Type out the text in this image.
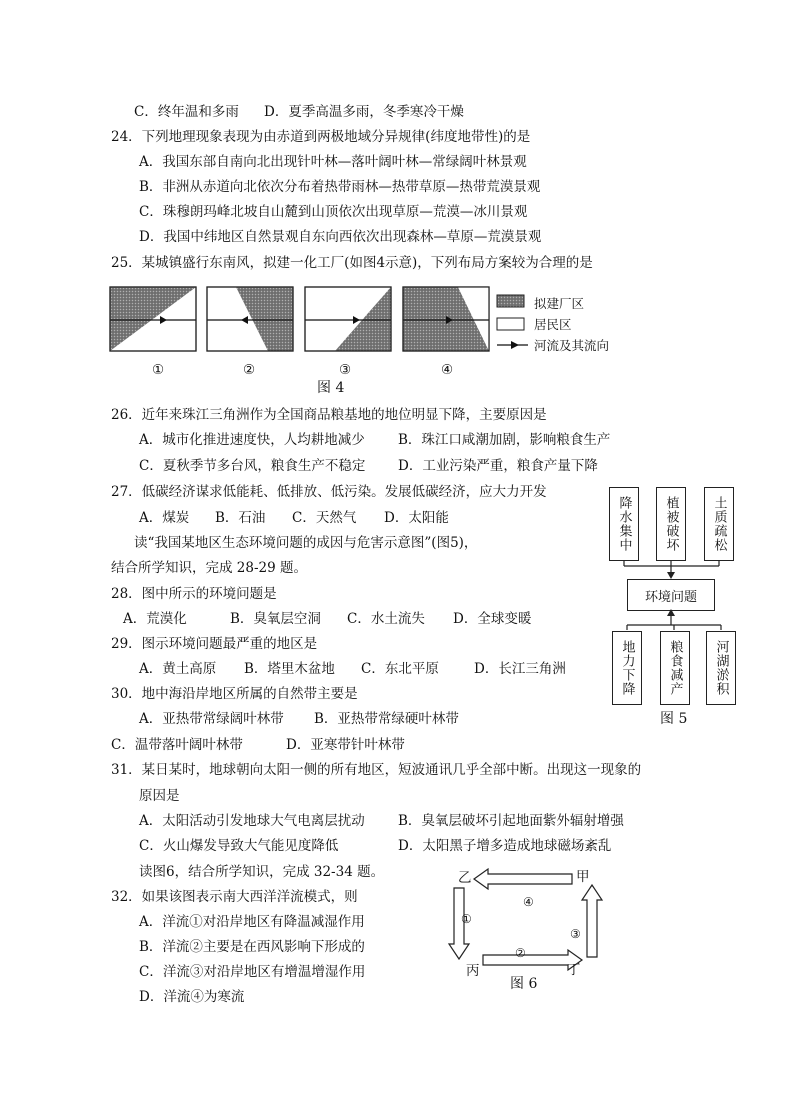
C．终年温和多雨 D．夏季高温多雨，冬季寒冷干燥
24．下列地理现象表现为由赤道到两极地域分异规律(纬度地带性)的是
A．我国东部自南向北出现针叶林—落叶阔叶林—常绿阔叶林景观
B．非洲从赤道向北依次分布着热带雨林—热带草原—热带荒漠景观
C．珠穆朗玛峰北坡自山麓到山顶依次出现草原—荒漠—冰川景观
D．我国中纬地区自然景观自东向西依次出现森林—草原—荒漠景观
25．某城镇盛行东南风，拟建一化工厂(如图4示意)，下列布局方案较为合理的是
拟建厂区
居民区
河流及其流向
①	②	③	④
图 4
26．近年来珠江三角洲作为全国商品粮基地的地位明显下降，主要原因是
A．城市化推进速度快，人均耕地减少 B．珠江口咸潮加剧，影响粮食生产
C．夏秋季节多台风，粮食生产不稳定 D．工业污染严重，粮食产量下降
27．低碳经济谋求低能耗、低排放、低污染。发展低碳经济，应大力开发
A．煤炭 B．石油 C．天然气 D．太阳能
读“我国某地区生态环境问题的成因与危害示意图”(图5)，
结合所学知识，完成 28-29 题。
降水集中	植被破坏	土质疏松
环境问题
地力下降	粮食减产	河湖淤积
图 5
28．图中所示的环境问题是
A．荒漠化	B．臭氧层空洞 C．水土流失 D．全球变暖
29．图示环境问题最严重的地区是
A．黄土高原 B．塔里木盆地 C．东北平原	D．长江三角洲
30．地中海沿岸地区所属的自然带主要是
A．亚热带常绿阔叶林带 B．亚热带常绿硬叶林带
C．温带落叶阔叶林带	D．亚寒带针叶林带
31．某日某时，地球朝向太阳一侧的所有地区，短波通讯几乎全部中断。出现这一现象的
原因是
A．太阳活动引发地球大气电离层扰动 B．臭氧层破坏引起地面紫外辐射增强
C．火山爆发导致大气能见度降低	D．太阳黑子增多造成地球磁场紊乱
读图6，结合所学知识，完成 32-34 题。
32．如果该图表示南大西洋洋流模式，则
A．洋流①对沿岸地区有降温减湿作用
B．洋流②主要是在西风影响下形成的
C．洋流③对沿岸地区有增温增湿作用
D．洋流④为寒流
乙	甲
丙	丁
①
②
③
④
图 6
